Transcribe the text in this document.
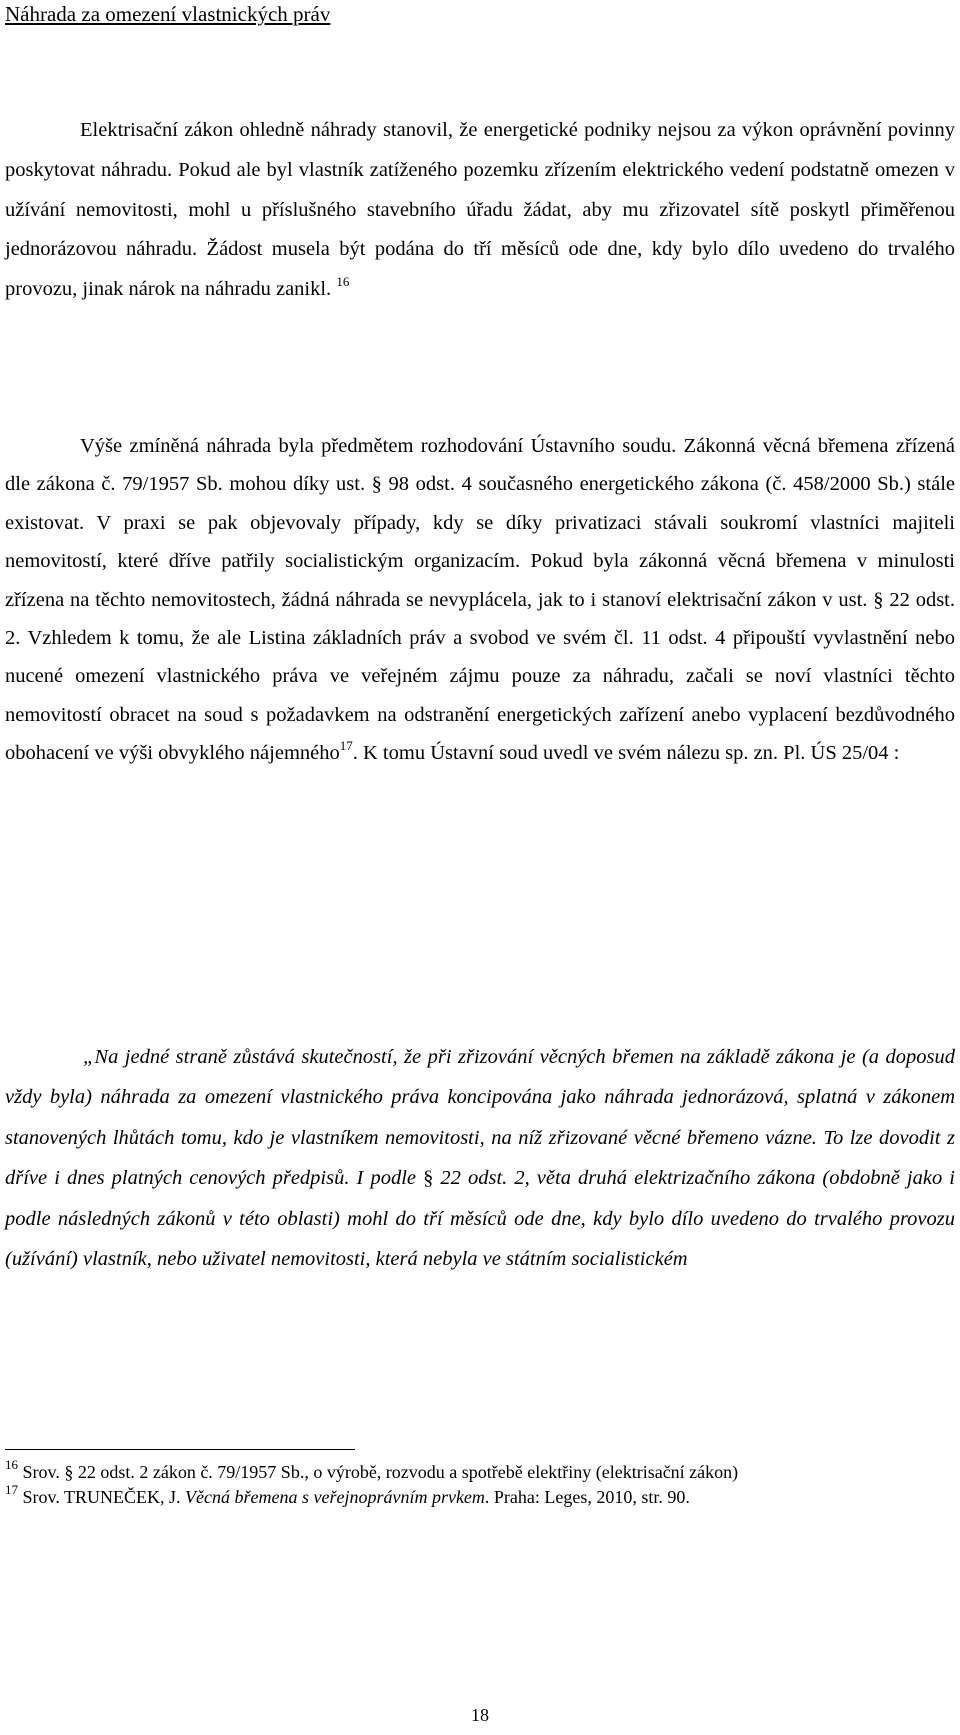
Náhrada za omezení vlastnických práv

Elektrisační zákon ohledně náhrady stanovil, že energetické podniky nejsou za výkon oprávnění povinny poskytovat náhradu. Pokud ale byl vlastník zatíženého pozemku zřízením elektrického vedení podstatně omezen v užívání nemovitosti, mohl u příslušného stavebního úřadu žádat, aby mu zřizovatel sítě poskytl přiměřenou jednorázovou náhradu. Žádost musela být podána do tří měsíců ode dne, kdy bylo dílo uvedeno do trvalého provozu, jinak nárok na náhradu zanikl. $^{16}$

Výše zmíněná náhrada byla předmětem rozhodování Ústavního soudu. Zákonná věcná břemena zřízená dle zákona č. 79/1957 Sb. mohou díky ust. § 98 odst. 4 současného energetického zákona (č. 458/2000 Sb.) stále existovat. V praxi se pak objevovaly případy, kdy se díky privatizaci stávali soukromí vlastníci majiteli nemovitostí, které dříve patřily socialistickým organizacím. Pokud byla zákonná věcná břemena v minulosti zřízena na těchto nemovitostech, žádná náhrada se nevyplácela, jak to i stanoví elektrisační zákon v ust. § 22 odst. 2. Vzhledem k tomu, že ale Listina základních práv a svobod ve svém čl. 11 odst. 4 připouští vyvlastnění nebo nucené omezení vlastnického práva ve veřejném zájmu pouze za náhradu, začali se noví vlastníci těchto nemovitostí obracet na soud s požadavkem na odstranění energetických zařízení anebo vyplacení bezdůvodného obohacení ve výši obvyklého nájemného$^{17}$. K tomu Ústavní soud uvedl ve svém nálezu sp. zn. Pl. ÚS 25/04 :

„Na jedné straně zůstává skutečností, že při zřizování věcných břemen na základě zákona je (a doposud vždy byla) náhrada za omezení vlastnického práva koncipována jako náhrada jednorázová, splatná v zákonem stanovených lhůtách tomu, kdo je vlastníkem nemovitosti, na níž zřizované věcné břemeno vázne. To lze dovodit z dříve i dnes platných cenových předpisů. I podle § 22 odst. 2, věta druhá elektrizačního zákona (obdobně jako i podle následných zákonů v této oblasti) mohl do tří měsíců ode dne, kdy bylo dílo uvedeno do trvalého provozu (užívání) vlastník, nebo uživatel nemovitosti, která nebyla ve státním socialistickém

$^{16}$ Srov. § 22 odst. 2 zákon č. 79/1957 Sb., o výrobě, rozvodu a spotřebě elektřiny (elektrisační zákon)

$^{17}$ Srov. TRUNEČEK, J. Věcná břemena s veřejnoprávním prvkem. Praha: Leges, 2010, str. 90.

18
